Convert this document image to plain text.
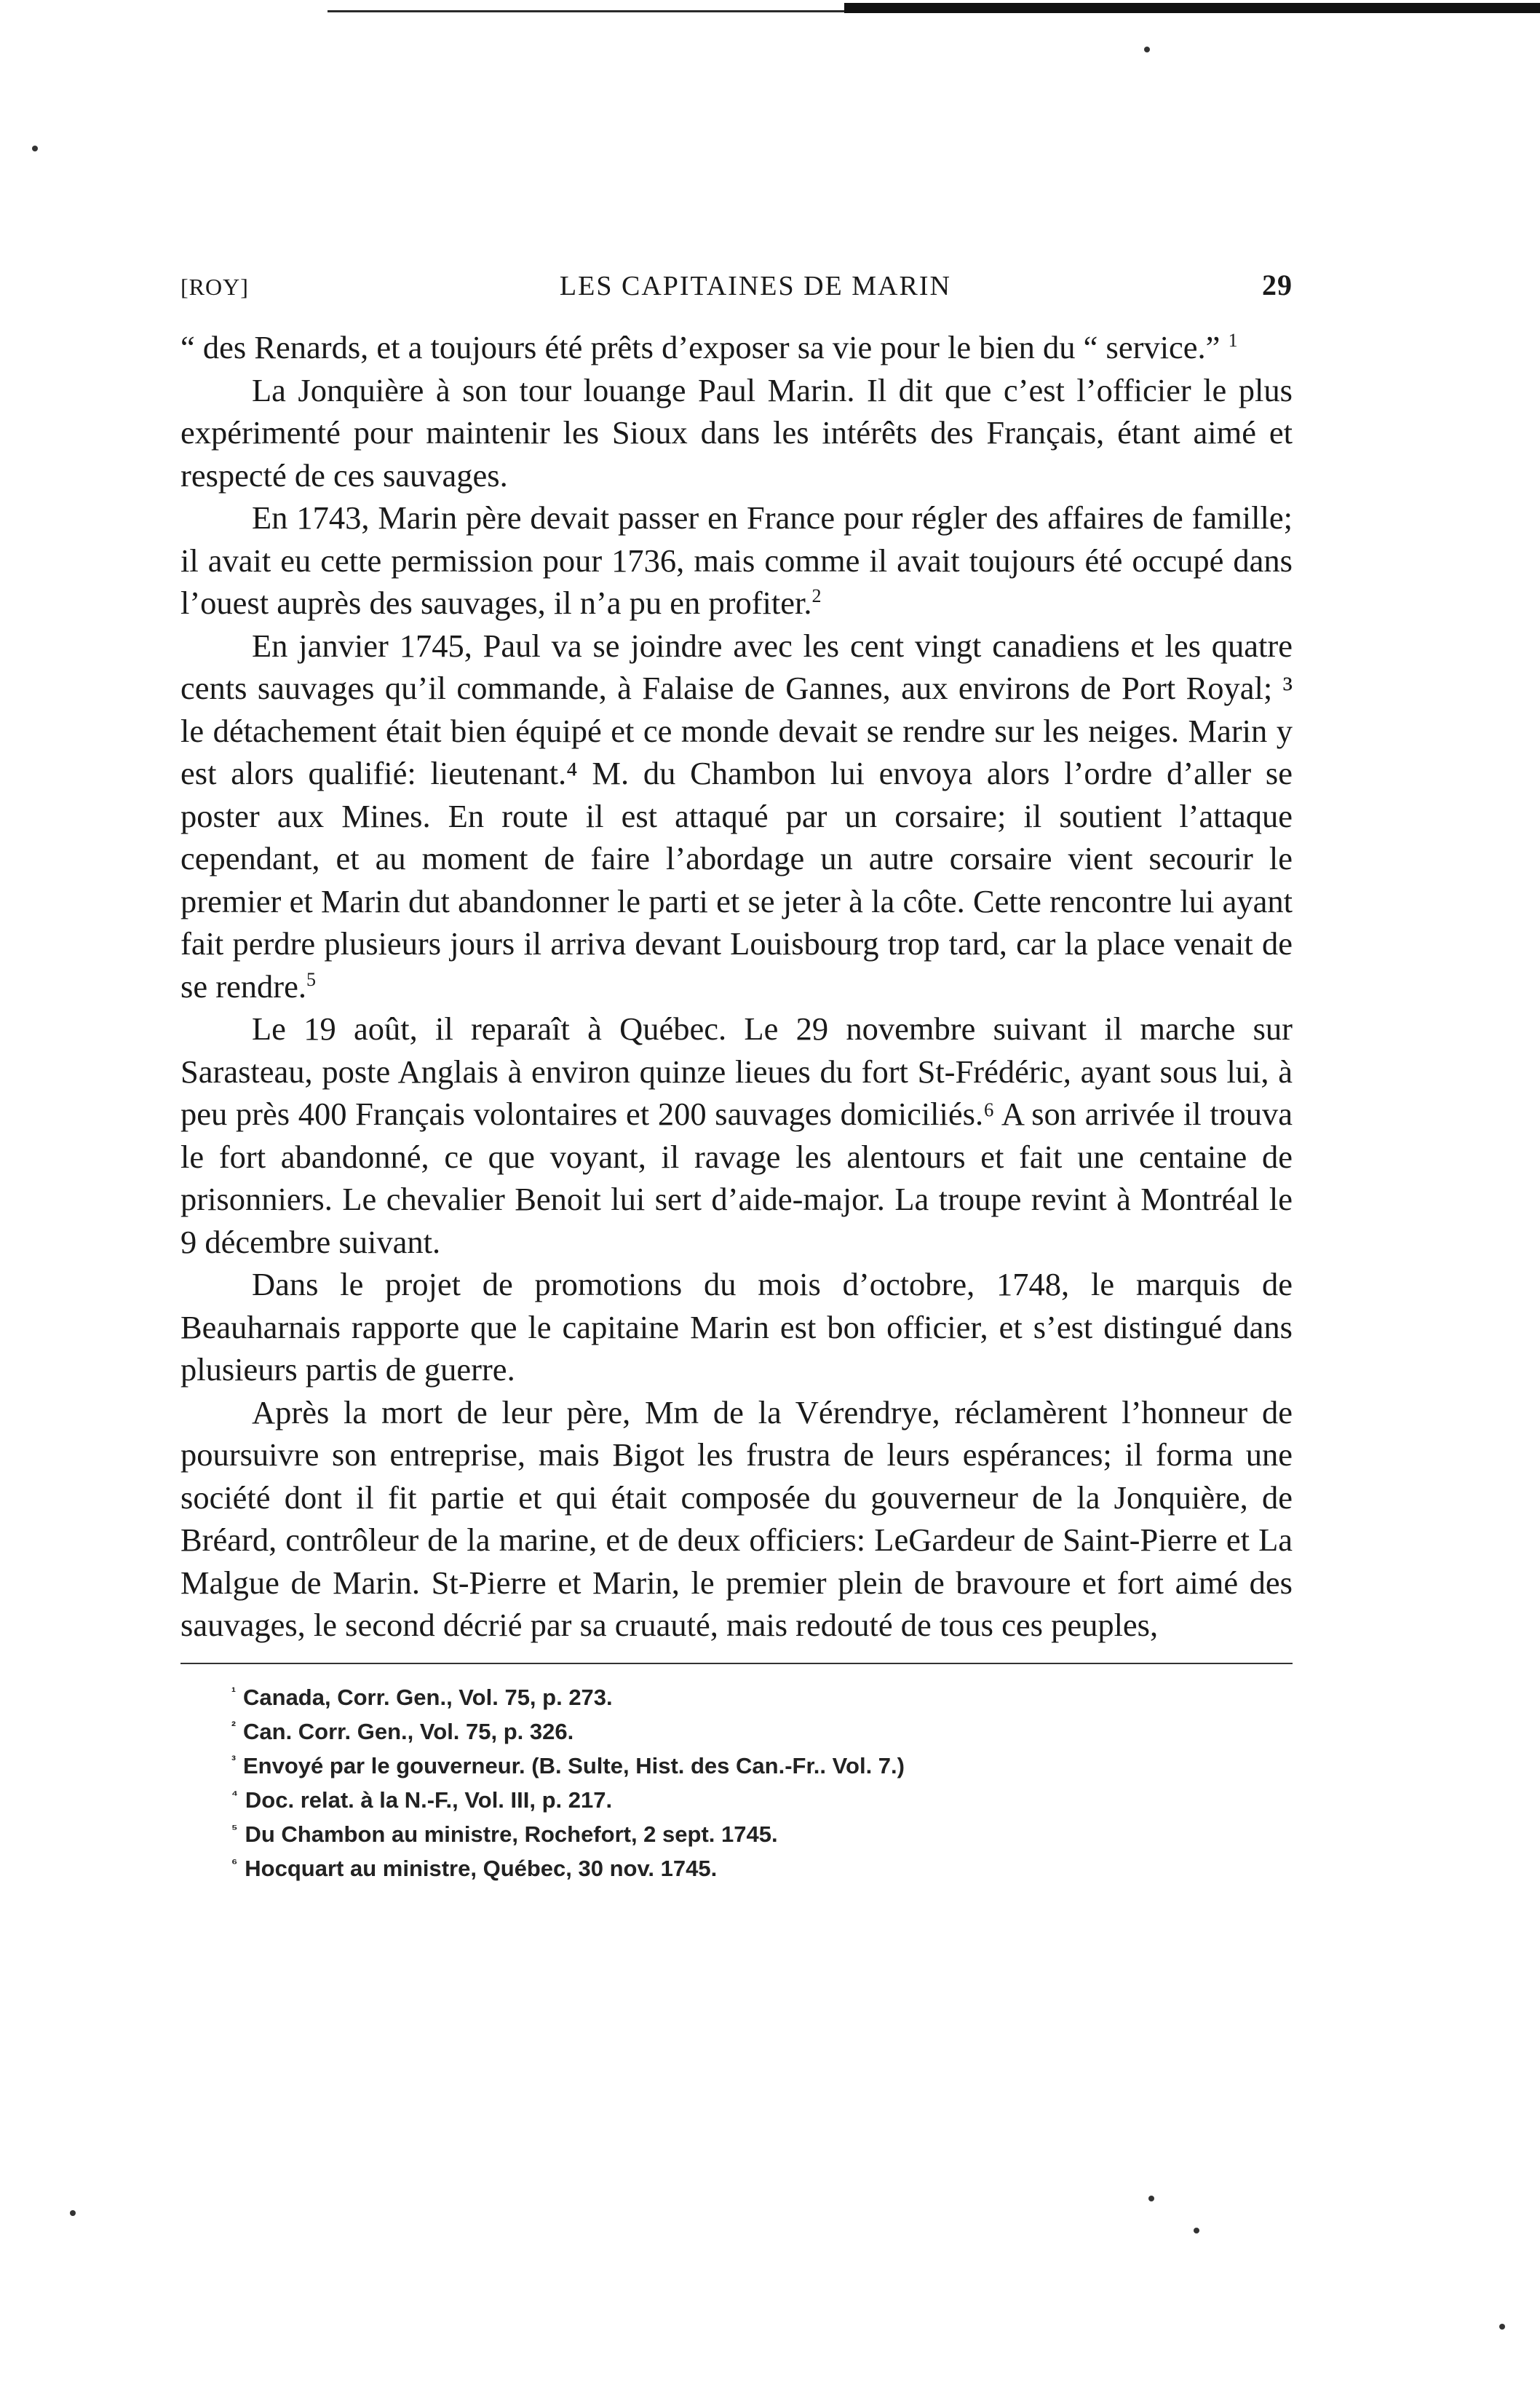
[ROY]	LES CAPITAINES DE MARIN	29

“ des Renards, et a toujours été prêts d’exposer sa vie pour le bien du “ service.” $^1$

La Jonquière à son tour louange Paul Marin. Il dit que c’est l’officier le plus expérimenté pour maintenir les Sioux dans les intérêts des Français, étant aimé et respecté de ces sauvages.

En 1743, Marin père devait passer en France pour régler des affaires de famille; il avait eu cette permission pour 1736, mais comme il avait toujours été occupé dans l’ouest auprès des sauvages, il n’a pu en profiter.$^2$

En janvier 1745, Paul va se joindre avec les cent vingt canadiens et les quatre cents sauvages qu’il commande, à Falaise de Gannes, aux environs de Port Royal; ³ le détachement était bien équipé et ce monde devait se rendre sur les neiges. Marin y est alors qualifié: lieutenant.⁴ M. du Chambon lui envoya alors l’ordre d’aller se poster aux Mines. En route il est attaqué par un corsaire; il soutient l’attaque cependant, et au moment de faire l’abordage un autre corsaire vient secourir le premier et Marin dut abandonner le parti et se jeter à la côte. Cette rencontre lui ayant fait perdre plusieurs jours il arriva devant Louisbourg trop tard, car la place venait de se rendre.$^5$

Le 19 août, il reparaît à Québec. Le 29 novembre suivant il marche sur Sarasteau, poste Anglais à environ quinze lieues du fort St-Frédéric, ayant sous lui, à peu près 400 Français volontaires et 200 sauvages domiciliés.⁶ A son arrivée il trouva le fort abandonné, ce que voyant, il ravage les alentours et fait une centaine de prisonniers. Le chevalier Benoit lui sert d’aide-major. La troupe revint à Montréal le 9 décembre suivant.

Dans le projet de promotions du mois d’octobre, 1748, le marquis de Beauharnais rapporte que le capitaine Marin est bon officier, et s’est distingué dans plusieurs partis de guerre.

Après la mort de leur père, Mm de la Vérendrye, réclamèrent l’honneur de poursuivre son entreprise, mais Bigot les frustra de leurs espérances; il forma une société dont il fit partie et qui était composée du gouverneur de la Jonquière, de Bréard, contrôleur de la marine, et de deux officiers: LeGardeur de Saint-Pierre et La Malgue de Marin. St-Pierre et Marin, le premier plein de bravoure et fort aimé des sauvages, le second décrié par sa cruauté, mais redouté de tous ces peuples,

$^{^1}$ Canada, Corr. Gen., Vol. 75, p. 273.
$^{^2}$ Can. Corr. Gen., Vol. 75, p. 326.
$^{^3}$ Envoyé par le gouverneur. (B. Sulte, Hist. des Can.-Fr.. Vol. 7.)
$^{^4}$ Doc. relat. à la N.-F., Vol. III, p. 217.
$^{^5}$ Du Chambon au ministre, Rochefort, 2 sept. 1745.
$^{^6}$ Hocquart au ministre, Québec, 30 nov. 1745.
